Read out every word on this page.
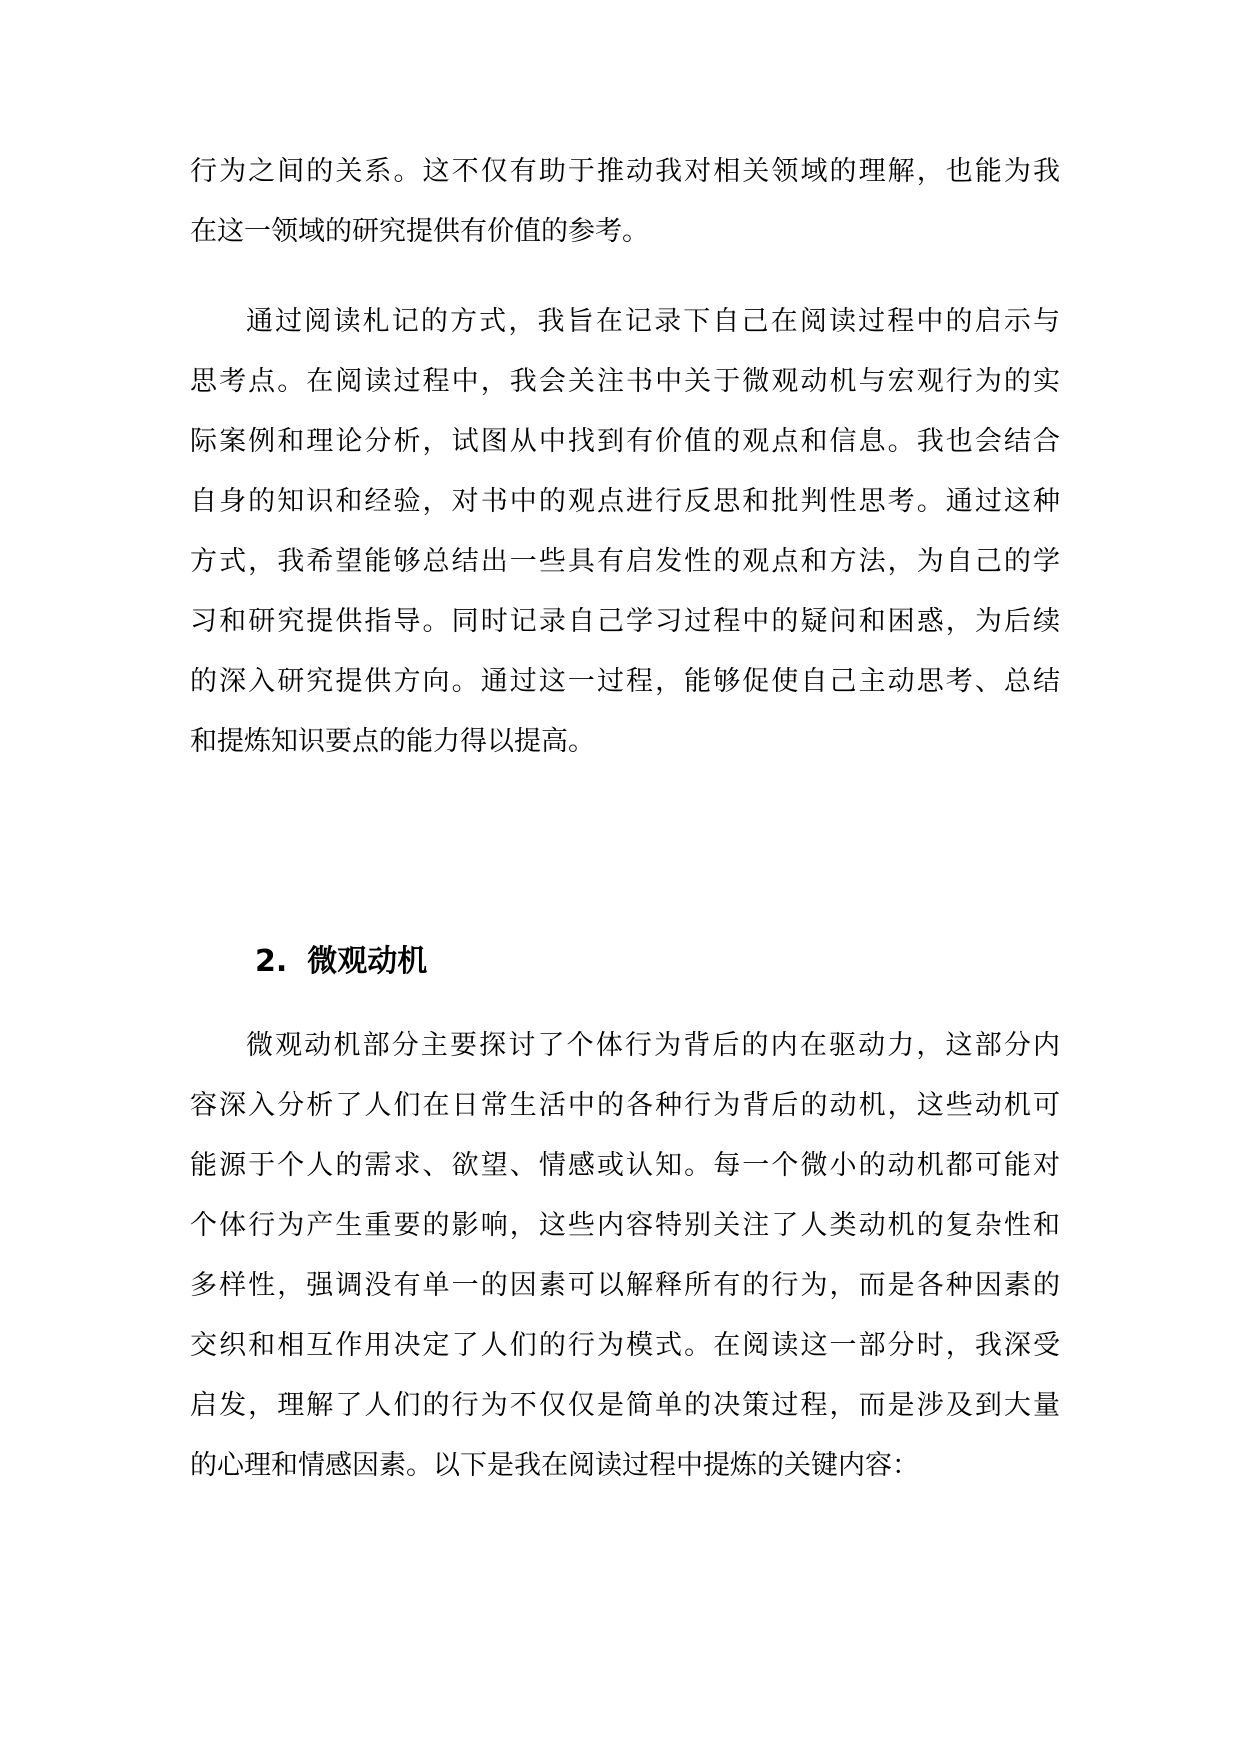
行为之间的关系。这不仅有助于推动我对相关领域的理解，也能为我
在这一领域的研究提供有价值的参考。
通过阅读札记的方式，我旨在记录下自己在阅读过程中的启示与
思考点。在阅读过程中，我会关注书中关于微观动机与宏观行为的实
际案例和理论分析，试图从中找到有价值的观点和信息。我也会结合
自身的知识和经验，对书中的观点进行反思和批判性思考。通过这种
方式，我希望能够总结出一些具有启发性的观点和方法，为自己的学
习和研究提供指导。同时记录自己学习过程中的疑问和困惑，为后续
的深入研究提供方向。通过这一过程，能够促使自己主动思考、总结
和提炼知识要点的能力得以提高。
2. 微观动机
微观动机部分主要探讨了个体行为背后的内在驱动力，这部分内
容深入分析了人们在日常生活中的各种行为背后的动机，这些动机可
能源于个人的需求、欲望、情感或认知。每一个微小的动机都可能对
个体行为产生重要的影响，这些内容特别关注了人类动机的复杂性和
多样性，强调没有单一的因素可以解释所有的行为，而是各种因素的
交织和相互作用决定了人们的行为模式。在阅读这一部分时，我深受
启发，理解了人们的行为不仅仅是简单的决策过程，而是涉及到大量
的心理和情感因素。以下是我在阅读过程中提炼的关键内容：
